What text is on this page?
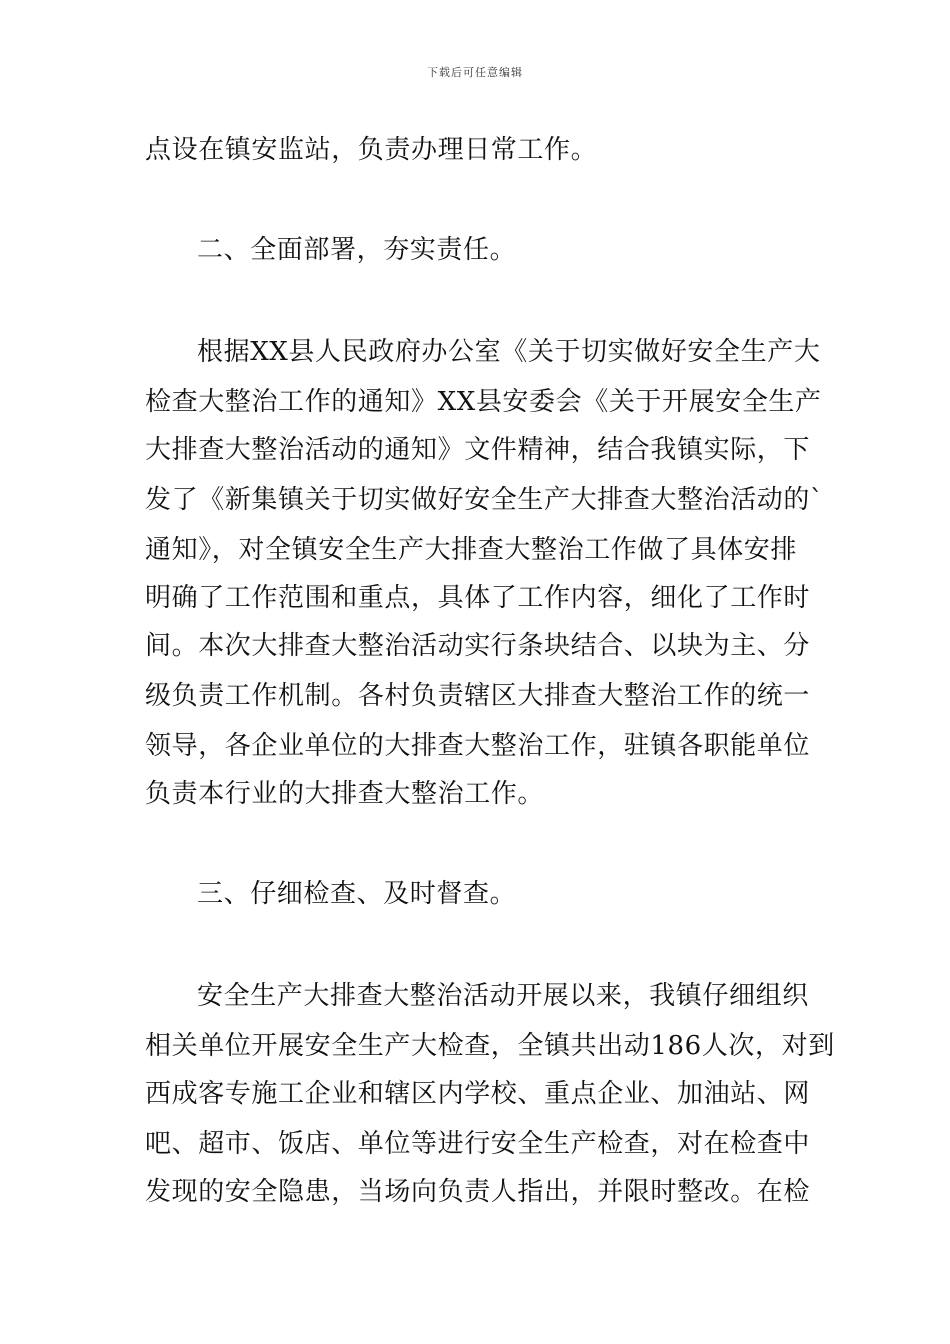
下载后可任意编辑
点设在镇安监站，负责办理日常工作。
二、全面部署，夯实责任。
根据XX县人民政府办公室《关于切实做好安全生产大
检查大整治工作的通知》XX县安委会《关于开展安全生产
大排查大整治活动的通知》文件精神，结合我镇实际，下
发了《新集镇关于切实做好安全生产大排查大整治活动的`
通知》，对全镇安全生产大排查大整治工作做了具体安排
明确了工作范围和重点，具体了工作内容，细化了工作时
间。本次大排查大整治活动实行条块结合、以块为主、分
级负责工作机制。各村负责辖区大排查大整治工作的统一
领导，各企业单位的大排查大整治工作，驻镇各职能单位
负责本行业的大排查大整治工作。
三、仔细检查、及时督查。
安全生产大排查大整治活动开展以来，我镇仔细组织
相关单位开展安全生产大检查，全镇共出动186人次，对到
西成客专施工企业和辖区内学校、重点企业、加油站、网
吧、超市、饭店、单位等进行安全生产检查，对在检查中
发现的安全隐患，当场向负责人指出，并限时整改。在检
